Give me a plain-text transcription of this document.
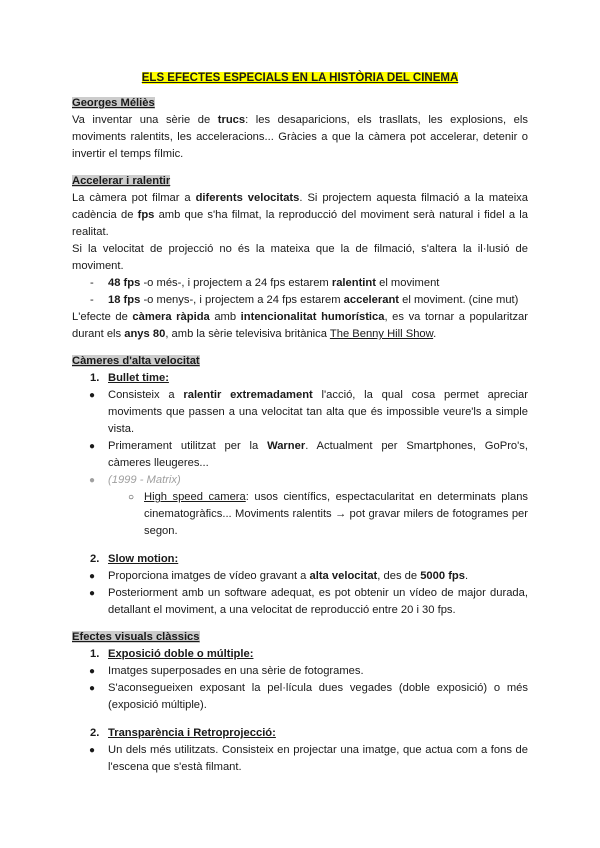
ELS EFECTES ESPECIALS EN LA HISTÒRIA DEL CINEMA
Georges Méliès

Va inventar una sèrie de trucs: les desaparicions, els trasllats, les explosions, els moviments ralentits, les acceleracions... Gràcies a que la càmera pot accelerar, detenir o invertir el temps fílmic.

Accelerar i ralentir

La càmera pot filmar a diferents velocitats. Si projectem aquesta filmació a la mateixa cadència de fps amb que s'ha filmat, la reproducció del moviment serà natural i fidel a la realitat.

Si la velocitat de projecció no és la mateixa que la de filmació, s'altera la il·lusió de moviment.

- 48 fps -o més-, i projectem a 24 fps estarem ralentint el moviment
- 18 fps -o menys-, i projectem a 24 fps estarem accelerant el moviment. (cine mut)

L'efecte de càmera ràpida amb intencionalitat humorística, es va tornar a popularitzar durant els anys 80, amb la sèrie televisiva britànica The Benny Hill Show.

Càmeres d'alta velocitat
1. Bullet time:
● Consisteix a ralentir extremadament l'acció, la qual cosa permet apreciar moviments que passen a una velocitat tan alta que és impossible veure'ls a simple vista.
● Primerament utilitzat per la Warner. Actualment per Smartphones, GoPro's, càmeres lleugeres...
● (1999 - Matrix)
○ High speed camera: usos científics, espectacularitat en determinats plans cinematogràfics... Moviments ralentits → pot gravar milers de fotogrames per segon.
2. Slow motion:
● Proporciona imatges de vídeo gravant a alta velocitat, des de 5000 fps.
● Posteriorment amb un software adequat, es pot obtenir un vídeo de major durada, detallant el moviment, a una velocitat de reproducció entre 20 i 30 fps.
Efectes visuals clàssics
1. Exposició doble o múltiple:
● Imatges superposades en una sèrie de fotogrames.
● S'aconsegueixen exposant la pel·lícula dues vegades (doble exposició) o més (exposició múltiple).
2. Transparència i Retroprojecció:
● Un dels més utilitzats. Consisteix en projectar una imatge, que actua com a fons de l'escena que s'està filmant.
